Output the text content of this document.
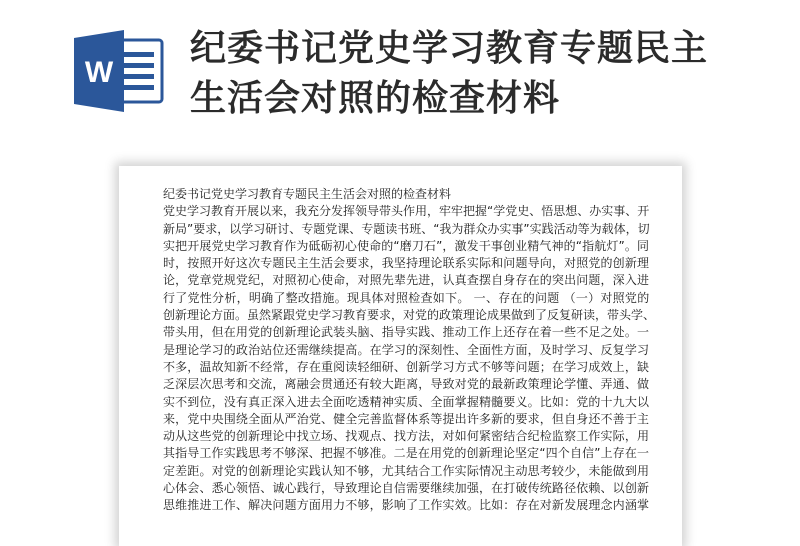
W
纪委书记党史学习教育专题民主
生活会对照的检查材料
纪委书记党史学习教育专题民主生活会对照的检查材料
党史学习教育开展以来，我充分发挥领导带头作用，牢牢把握“学党史、悟思想、办实事、开
新局”要求，以学习研讨、专题党课、专题读书班、“我为群众办实事”实践活动等为载体，切
实把开展党史学习教育作为砥砺初心使命的“磨刀石”，激发干事创业精气神的“指航灯”。同
时，按照开好这次专题民主生活会要求，我坚持理论联系实际和问题导向，对照党的创新理
论，党章党规党纪，对照初心使命，对照先辈先进，认真查摆自身存在的突出问题，深入进
行了党性分析，明确了整改措施。现具体对照检查如下。 一、存在的问题 （一）对照党的
创新理论方面。虽然紧跟党史学习教育要求，对党的政策理论成果做到了反复研读，带头学、
带头用，但在用党的创新理论武装头脑、指导实践、推动工作上还存在着一些不足之处。一
是理论学习的政治站位还需继续提高。在学习的深刻性、全面性方面，及时学习、反复学习
不多，温故知新不经常，存在重阅读轻细研、创新学习方式不够等问题；在学习成效上，缺
乏深层次思考和交流，离融会贯通还有较大距离，导致对党的最新政策理论学懂、弄通、做
实不到位，没有真正深入进去全面吃透精神实质、全面掌握精髓要义。比如：党的十九大以
来，党中央围绕全面从严治党、健全完善监督体系等提出许多新的要求，但自身还不善于主
动从这些党的创新理论中找立场、找观点、找方法，对如何紧密结合纪检监察工作实际，用
其指导工作实践思考不够深、把握不够准。二是在用党的创新理论坚定“四个自信”上存在一
定差距。对党的创新理论实践认知不够，尤其结合工作实际情况主动思考较少，未能做到用
心体会、悉心领悟、诚心践行，导致理论自信需要继续加强，在打破传统路径依赖、以创新
思维推进工作、解决问题方面用力不够，影响了工作实效。比如：存在对新发展理念内涵掌
